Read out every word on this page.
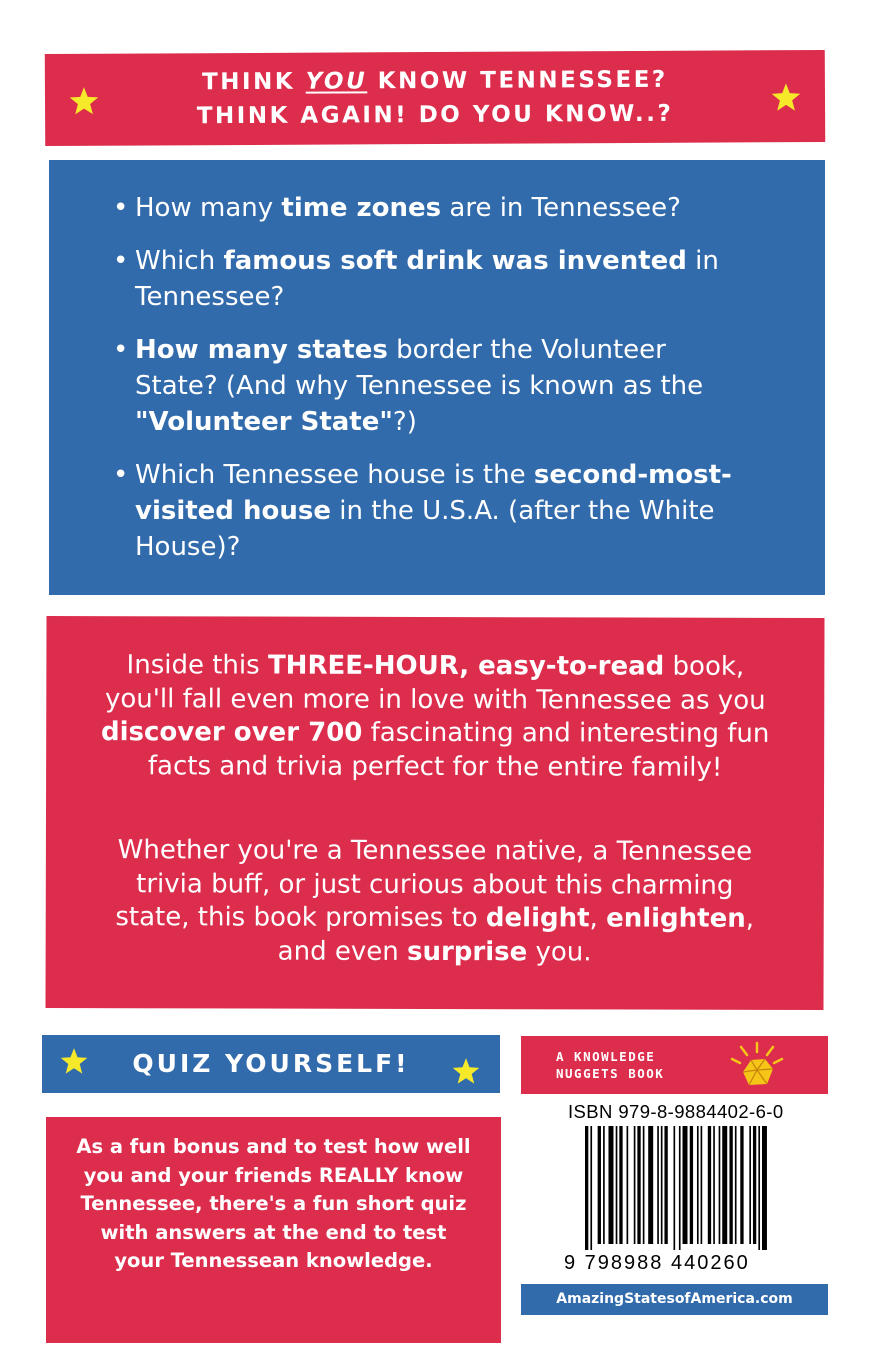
THINK YOU KNOW TENNESSEE?
THINK AGAIN! DO YOU KNOW..?
• How many time zones are in Tennessee?
• Which famous soft drink was invented in Tennessee?
• How many states border the Volunteer State? (And why Tennessee is known as the "Volunteer State"?)
• Which Tennessee house is the second-most-visited house in the U.S.A. (after the White House)?

Inside this THREE-HOUR, easy-to-read book, you'll fall even more in love with Tennessee as you discover over 700 fascinating and interesting fun facts and trivia perfect for the entire family!

Whether you're a Tennessee native, a Tennessee trivia buff, or just curious about this charming state, this book promises to delight, enlighten, and even surprise you.

QUIZ YOURSELF!

As a fun bonus and to test how well you and your friends REALLY know Tennessee, there's a fun short quiz with answers at the end to test your Tennessean knowledge.

A KNOWLEDGE
NUGGETS BOOK
ISBN 979-8-9884402-6-0
9 798988 440260
AmazingStatesofAmerica.com
